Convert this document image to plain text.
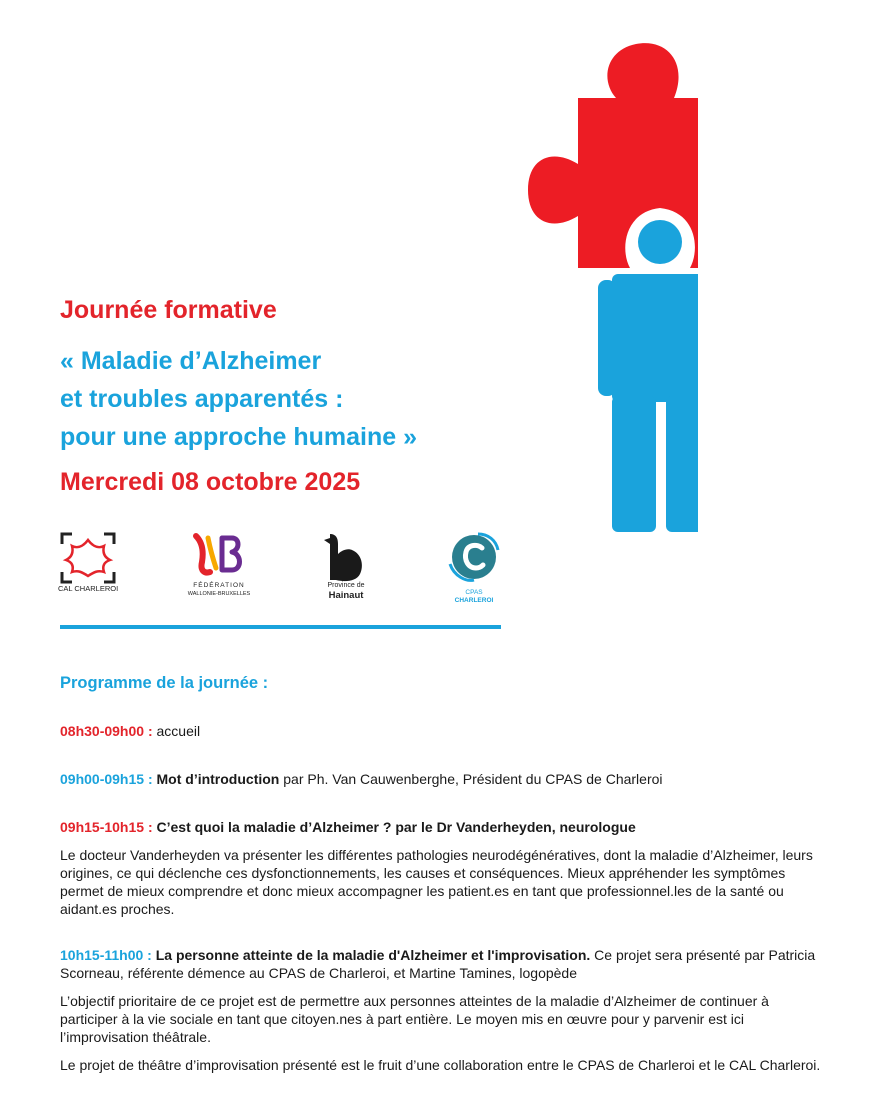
Journée formative
« Maladie d’Alzheimer
et troubles apparentés :
pour une approche humaine »
Mercredi 08 octobre 2025
CAL CHARLEROI	FÉDÉRATION
WALLONIE-BRUXELLES
Province de
Hainaut	CPAS
CHARLEROI
Programme de la journée :
08h30-09h00 : accueil
09h00-09h15 : Mot d’introduction par Ph. Van Cauwenberghe, Président du CPAS de Charleroi
09h15-10h15 : C’est quoi la maladie d’Alzheimer ? par le Dr Vanderheyden, neurologue

Le docteur Vanderheyden va présenter les différentes pathologies neurodégénératives, dont la maladie d’Alzheimer, leurs origines, ce qui déclenche ces dysfonctionnements, les causes et conséquences. Mieux appréhender les symptômes permet de mieux comprendre et donc mieux accompagner les patient.es en tant que professionnel.les de la santé ou aidant.es proches.

10h15-11h00 : La personne atteinte de la maladie d'Alzheimer et l'improvisation. Ce projet sera présenté par Patricia Scorneau, référente démence au CPAS de Charleroi, et Martine Tamines, logopède

L’objectif prioritaire de ce projet est de permettre aux personnes atteintes de la maladie d’Alzheimer de continuer à participer à la vie sociale en tant que citoyen.nes à part entière. Le moyen mis en œuvre pour y parvenir est ici l’improvisation théâtrale.

Le projet de théâtre d’improvisation présenté est le fruit d’une collaboration entre le CPAS de Charleroi et le CAL Charleroi.
